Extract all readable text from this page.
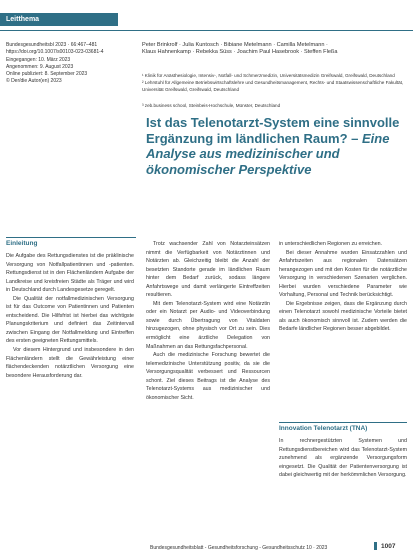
Leitthema
Bundesgesundheitsbl 2023 · 66:467–481
https://doi.org/10.1007/s00103-023-03681-4
Eingegangen: 10. März 2023
Angenommen: 9. August 2023
Online publiziert: 8. September 2023
© Der/die Autor(en) 2023
Peter Brinkrolf · Julia Kuntosch · Bibiane Metelmann · Camilla Metelmann ·
Klaus Hahnenkamp · Rebekka Süss · Joachim Paul Hasebrook · Steffen Fleßa
¹ Klinik für Anästhesiologie, Intensiv-, Notfall- und Schmerzmedizin, Universitätsmedizin Greifswald, Greifswald, Deutschland
² Lehrstuhl für Allgemeine Betriebswirtschaftslehre und Gesundheitsmanagement, Rechts- und Staatswissenschaftliche Fakultät, Universität Greifswald, Greifswald, Deutschland
³ zeb.business school, Steinbeis-Hochschule, Münster, Deutschland
Ist das Telenotarzt-System eine sinnvolle Ergänzung im ländlichen Raum? – Eine Analyse aus medizinischer und ökonomischer Perspektive
Einleitung

Die Aufgabe des Rettungsdienstes ist die präklinische Versorgung von Notfallpatientinnen und -patienten. Rettungsdienst ist in den Flächenländern Aufgabe der Landkreise und kreisfreien Städte als Träger und wird in Deutschland durch Landesgesetze geregelt.

Die Qualität der notfallmedizinischen Versorgung ist für das Outcome von Patientinnen und Patienten entscheidend. Die Hilfsfrist ist hierbei das wichtigste Planungskriterium und definiert das Zeitintervall zwischen Eingang der Notfallmeldung und Eintreffen des ersten geeigneten Rettungsmittels.

Vor diesem Hintergrund und insbesondere in den Flächenländern stellt die Gewährleistung einer flächendeckenden notärztlichen Versorgung eine besondere Herausforderung dar.

Trotz wachsender Zahl von Notarzteinsätzen nimmt die Verfügbarkeit von Notärztinnen und Notärzten ab. Gleichzeitig bleibt die Anzahl der besetzten Standorte gerade im ländlichen Raum hinter dem Bedarf zurück, sodass längere Anfahrtswege und damit verlängerte Eintreffzeiten resultieren.

Mit dem Telenotarzt-System wird eine Notärztin oder ein Notarzt per Audio- und Videoverbindung sowie durch Übertragung von Vitaldaten hinzugezogen, ohne physisch vor Ort zu sein. Dies ermöglicht eine ärztliche Delegation von Maßnahmen an das Rettungsfachpersonal.

Auch die medizinische Forschung bewertet die telemedizinische Unterstützung positiv, da sie die Versorgungsqualität verbessert und Ressourcen schont. Ziel dieses Beitrags ist die Analyse des Telenotarzt-Systems aus medizinischer und ökonomischer Sicht.

in unterschiedlichen Regionen zu erreichen.

Bei dieser Annahme wurden Einsatzzahlen und Anfahrtszeiten aus regionalen Datensätzen herangezogen und mit den Kosten für die notärztliche Versorgung in verschiedenen Szenarien verglichen. Hierbei wurden verschiedene Parameter wie Vorhaltung, Personal und Technik berücksichtigt.

Die Ergebnisse zeigen, dass die Ergänzung durch einen Telenotarzt sowohl medizinische Vorteile bietet als auch ökonomisch sinnvoll ist. Zudem werden die Bedarfe ländlicher Regionen besser abgebildet.

Innovation Telenotarzt (TNA)

In rechnergestützten Systemen und Rettungsdienstbereichen wird das Telenotarzt-System zunehmend als ergänzende Versorgungsform eingesetzt. Die Qualität der Patientenversorgung ist dabei gleichwertig mit der herkömmlichen Versorgung.

Bundesgesundheitsblatt - Gesundheitsforschung - Gesundheitsschutz 10 · 2023	1007
